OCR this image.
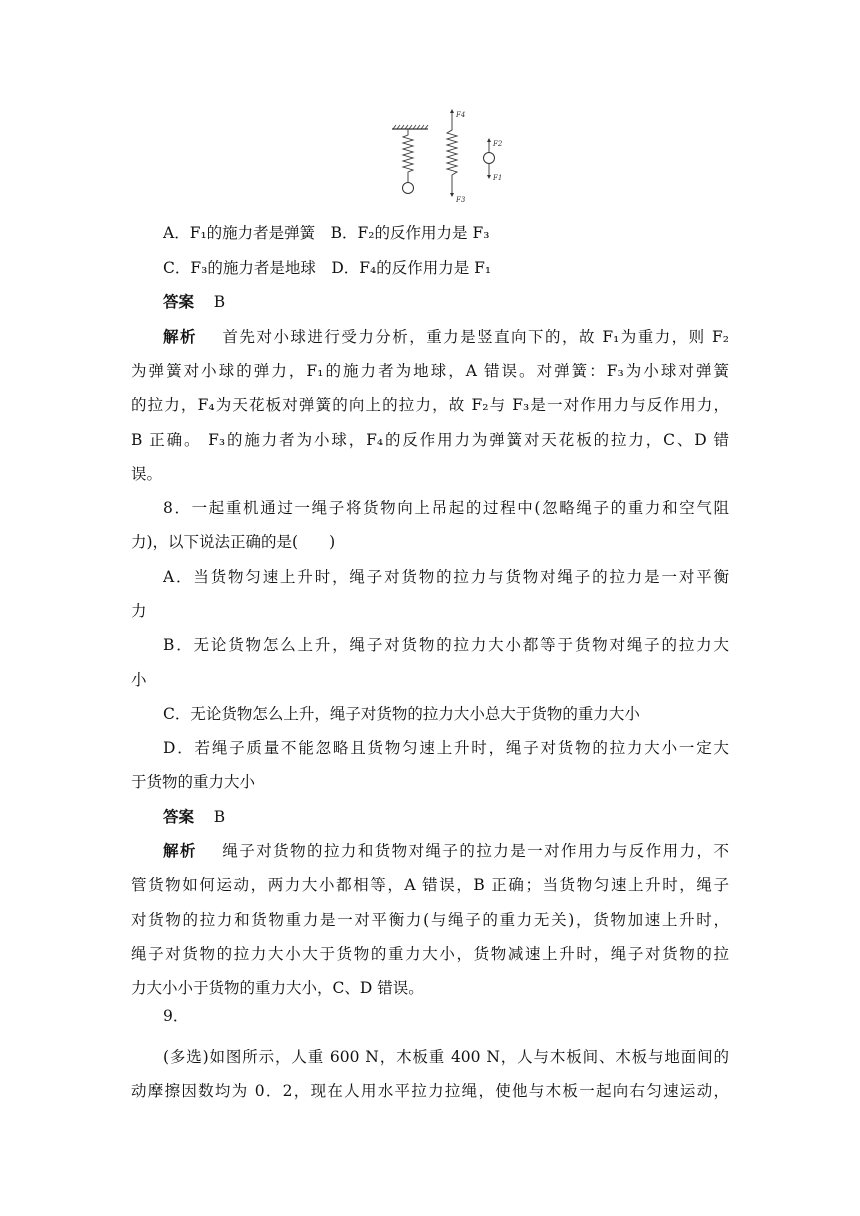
F4
F3
F2
F1
A．F₁的施力者是弹簧　B．F₂的反作用力是 F₃
C．F₃的施力者是地球　D．F₄的反作用力是 F₁
答案 B
解析 首先对小球进行受力分析，重力是竖直向下的，故 F₁为重力，则 F₂
为弹簧对小球的弹力，F₁的施力者为地球，A 错误。对弹簧：F₃为小球对弹簧
的拉力，F₄为天花板对弹簧的向上的拉力，故 F₂与 F₃是一对作用力与反作用力，
B 正确。 F₃的施力者为小球，F₄的反作用力为弹簧对天花板的拉力，C、D 错
误。
8．一起重机通过一绳子将货物向上吊起的过程中(忽略绳子的重力和空气阻
力)，以下说法正确的是(　　)
A．当货物匀速上升时，绳子对货物的拉力与货物对绳子的拉力是一对平衡
力
B．无论货物怎么上升，绳子对货物的拉力大小都等于货物对绳子的拉力大
小
C．无论货物怎么上升，绳子对货物的拉力大小总大于货物的重力大小
D．若绳子质量不能忽略且货物匀速上升时，绳子对货物的拉力大小一定大
于货物的重力大小
答案 B
解析 绳子对货物的拉力和货物对绳子的拉力是一对作用力与反作用力，不
管货物如何运动，两力大小都相等，A 错误，B 正确；当货物匀速上升时，绳子
对货物的拉力和货物重力是一对平衡力(与绳子的重力无关)，货物加速上升时，
绳子对货物的拉力大小大于货物的重力大小，货物减速上升时，绳子对货物的拉
力大小小于货物的重力大小，C、D 错误。
9．
(多选)如图所示，人重 600 N，木板重 400 N，人与木板间、木板与地面间的
动摩擦因数均为 0．2，现在人用水平拉力拉绳，使他与木板一起向右匀速运动，
